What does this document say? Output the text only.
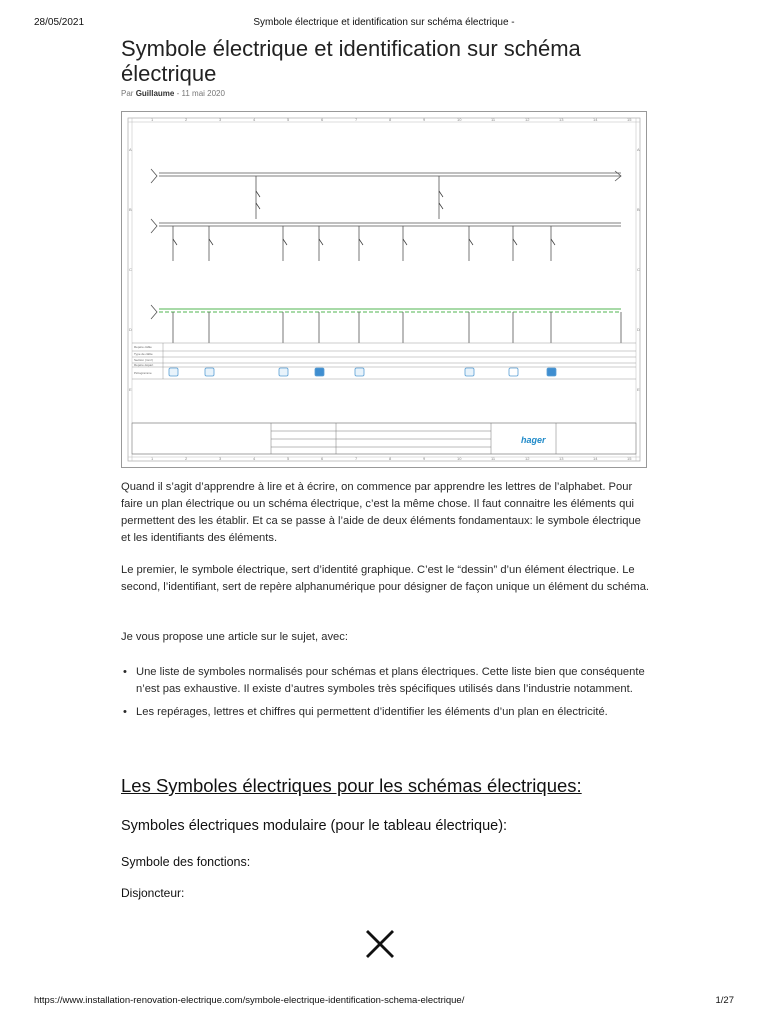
28/05/2021	Symbole électrique et identification sur schéma électrique -
Symbole électrique et identification sur schéma électrique
Par Guillaume - 11 mai 2020
1	2	3	4	5	6	7	8	9	10	11	12	13	14	15
1	2	3	4	5	6	7	8	9	10	11	12	13	14	15
A
B
C
D
E
A
B
C
D
E
Repère câble
Type de câble
Section (mm²)
Repère départ
Pictogramme
hager

Quand il s’agit d’apprendre à lire et à écrire, on commence par apprendre les lettres de l’alphabet. Pour faire un plan électrique ou un schéma électrique, c’est la même chose. Il faut connaitre les éléments qui permettent des les établir. Et ca se passe à l’aide de deux éléments fondamentaux: le symbole électrique et les identifiants des éléments.

Le premier, le symbole électrique, sert d’identité graphique. C’est le “dessin” d’un élément électrique. Le second, l’identifiant, sert de repère alphanumérique pour désigner de façon unique un élément du schéma.

Je vous propose une article sur le sujet, avec:

• Une liste de symboles normalisés pour schémas et plans électriques. Cette liste bien que conséquente n’est pas exhaustive. Il existe d’autres symboles très spécifiques utilisés dans l’industrie notamment.
• Les repérages, lettres et chiffres qui permettent d’identifier les éléments d’un plan en électricité.
Les Symboles électriques pour les schémas électriques:
Symboles électriques modulaire (pour le tableau électrique):
Symbole des fonctions:
Disjoncteur:
https://www.installation-renovation-electrique.com/symbole-electrique-identification-schema-electrique/	1/27
